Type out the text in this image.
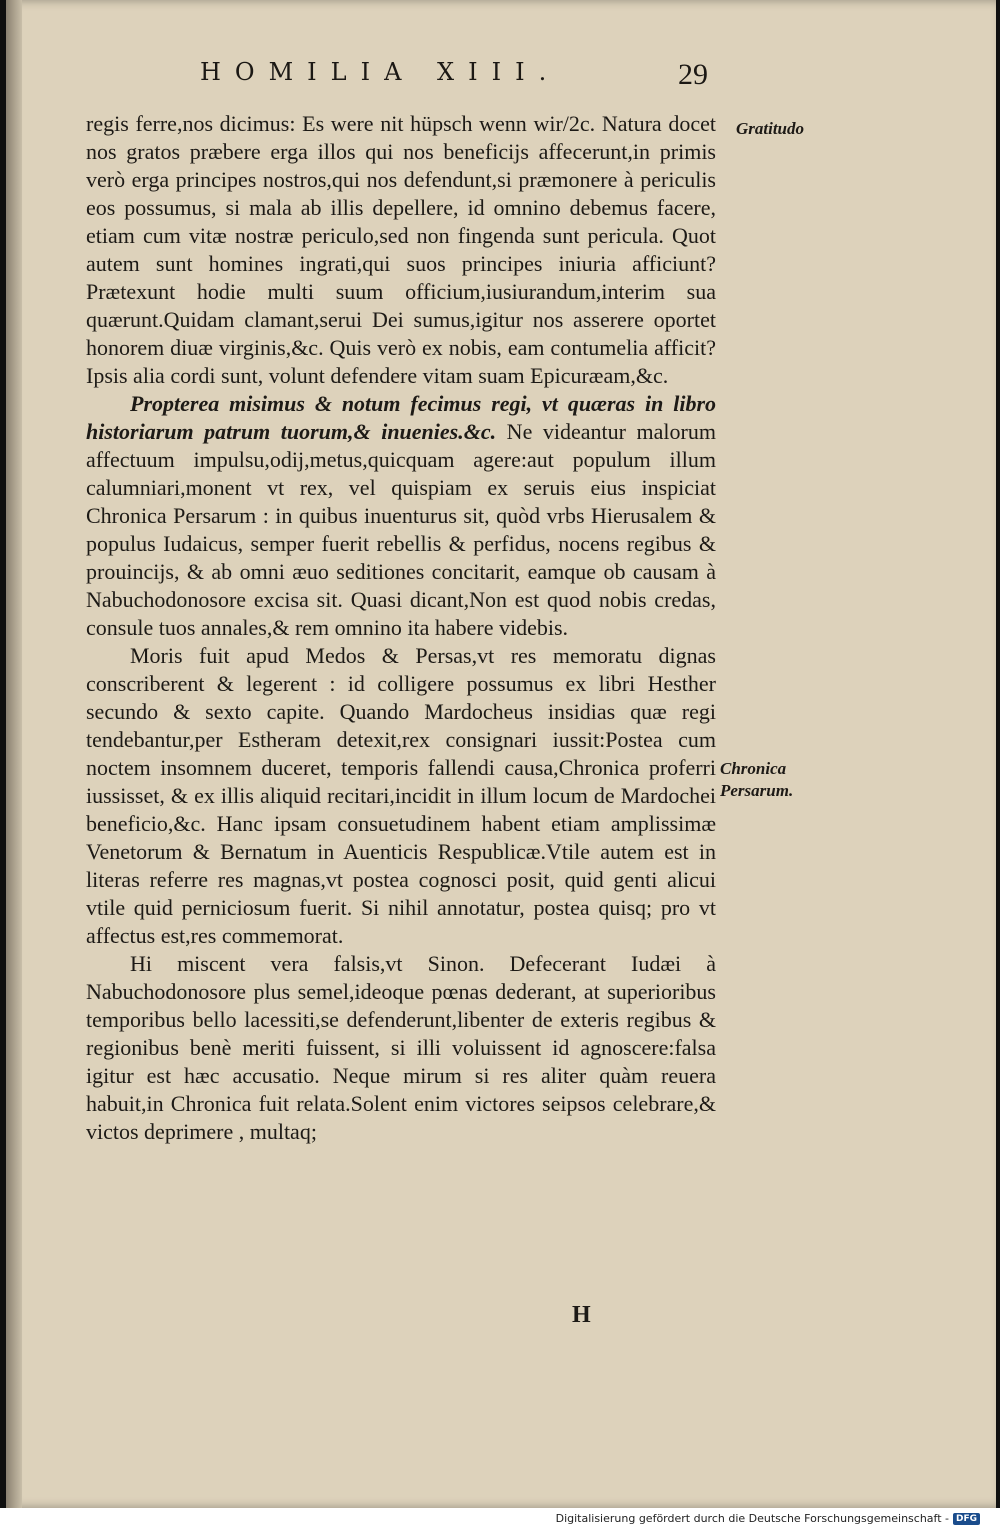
HOMILIA XIII.	29

regis ferre,nos dicimus: Es were nit hüpsch wenn wir/2c. Natura docet nos gratos præbere erga illos qui nos beneficijs affecerunt,in primis verò erga principes nostros,qui nos defendunt,si præmonere à periculis eos possumus, si mala ab illis depellere, id omnino debemus facere, etiam cum vitæ nostræ periculo,sed non fingenda sunt pericula. Quot autem sunt homines ingrati,qui suos principes iniuria afficiunt?Prætexunt hodie multi suum officium,iusiurandum,interim sua quærunt.Quidam clamant,serui Dei sumus,igitur nos asserere oportet honorem diuæ virginis,&c. Quis verò ex nobis, eam contumelia afficit?Ipsis alia cordi sunt, volunt defendere vitam suam Epicuræam,&c.

Propterea misimus & notum fecimus regi, vt quæras in libro historiarum patrum tuorum,& inuenies.&c. Ne videantur malorum affectuum impulsu,odij,metus,quicquam agere:aut populum illum calumniari,monent vt rex, vel quispiam ex seruis eius inspiciat Chronica Persarum : in quibus inuenturus sit, quòd vrbs Hierusalem & populus Iudaicus, semper fuerit rebellis & perfidus, nocens regibus & prouincijs, & ab omni æuo seditiones concitarit, eamque ob causam à Nabuchodonosore excisa sit. Quasi dicant,Non est quod nobis credas, consule tuos annales,& rem omnino ita habere videbis.

Moris fuit apud Medos & Persas,vt res memoratu dignas conscriberent & legerent : id colligere possumus ex libri Hesther secundo & sexto capite. Quando Mardocheus insidias quæ regi tendebantur,per Estheram detexit,rex consignari iussit:Postea cum noctem insomnem duceret, temporis fallendi causa,Chronica proferri iussisset, & ex illis aliquid recitari,incidit in illum locum de Mardochei beneficio,&c. Hanc ipsam consuetudinem habent etiam amplissimæ Venetorum & Bernatum in Auenticis Respublicæ.Vtile autem est in literas referre res magnas,vt postea cognosci posit, quid genti alicui vtile quid perniciosum fuerit. Si nihil annotatur, postea quisq; pro vt affectus est,res commemorat.

Hi miscent vera falsis,vt Sinon. Defecerant Iudæi à Nabuchodonosore plus semel,ideoque pœnas dederant, at superioribus temporibus bello lacessiti,se defenderunt,libenter de exteris regibus & regionibus benè meriti fuissent, si illi voluissent id agnoscere:falsa igitur est hæc accusatio. Neque mirum si res aliter quàm reuera habuit,in Chronica fuit relata.Solent enim victores seipsos celebrare,& victos deprimere , multaq;

Gratitudo
Chronica
Persarum.
H
Digitalisierung gefördert durch die Deutsche Forschungsgemeinschaft - DFG
